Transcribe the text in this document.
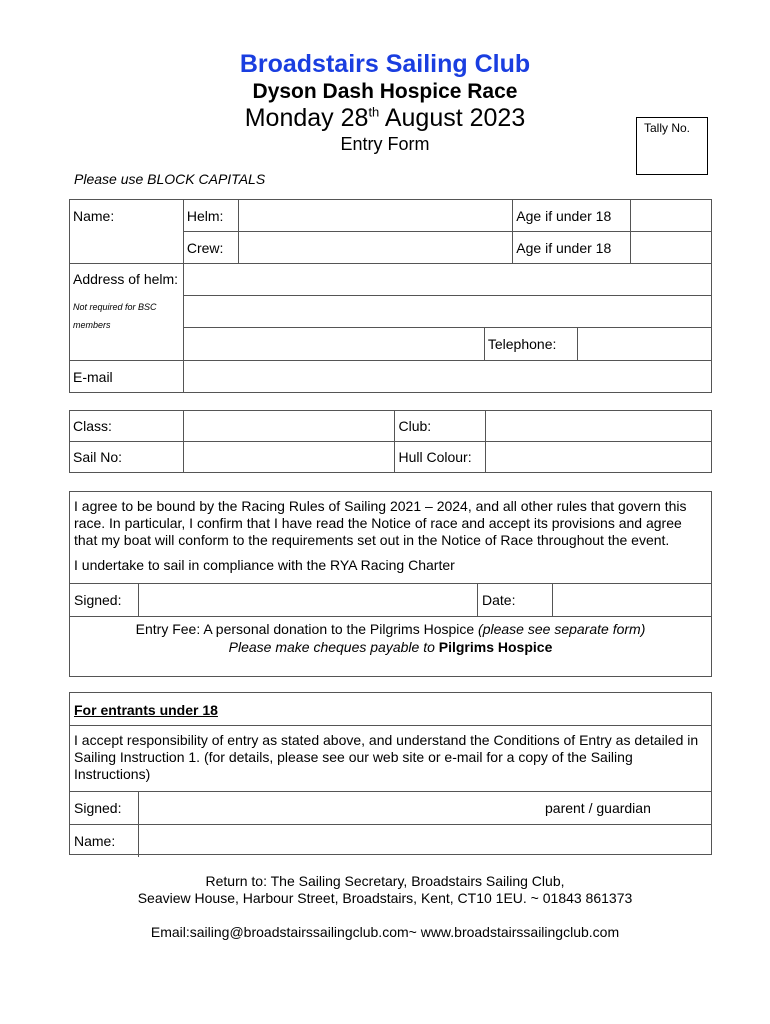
Broadstairs Sailing Club
Dyson Dash Hospice Race
Monday 28th August 2023
Entry Form
Tally No.
Please use BLOCK CAPITALS
Name:	Helm:		Age if under 18	
	Crew:		Age if under 18	
Address of helm:
Not required for BSC members				

	Telephone:			

E-mail				
Class:		Club:	
Sail No:		Hull Colour:	
I agree to be bound by the Racing Rules of Sailing 2021 – 2024, and all other rules that govern this race. In particular, I confirm that I have read the Notice of race and accept its provisions and agree that my boat will conform to the requirements set out in the Notice of Race throughout the event.
I undertake to sail in compliance with the RYA Racing Charter
Signed:	Date:
Entry Fee: A personal donation to the Pilgrims Hospice (please see separate form)
Please make cheques payable to Pilgrims Hospice
For entrants under 18
I accept responsibility of entry as stated above, and understand the Conditions of Entry as detailed in Sailing Instruction 1. (for details, please see our web site or e-mail for a copy of the Sailing Instructions)
Signed:	parent / guardian
Name:
Return to: The Sailing Secretary, Broadstairs Sailing Club,
Seaview House, Harbour Street, Broadstairs, Kent, CT10 1EU. ~ 01843 861373
Email:sailing@broadstairssailingclub.com~ www.broadstairssailingclub.com
